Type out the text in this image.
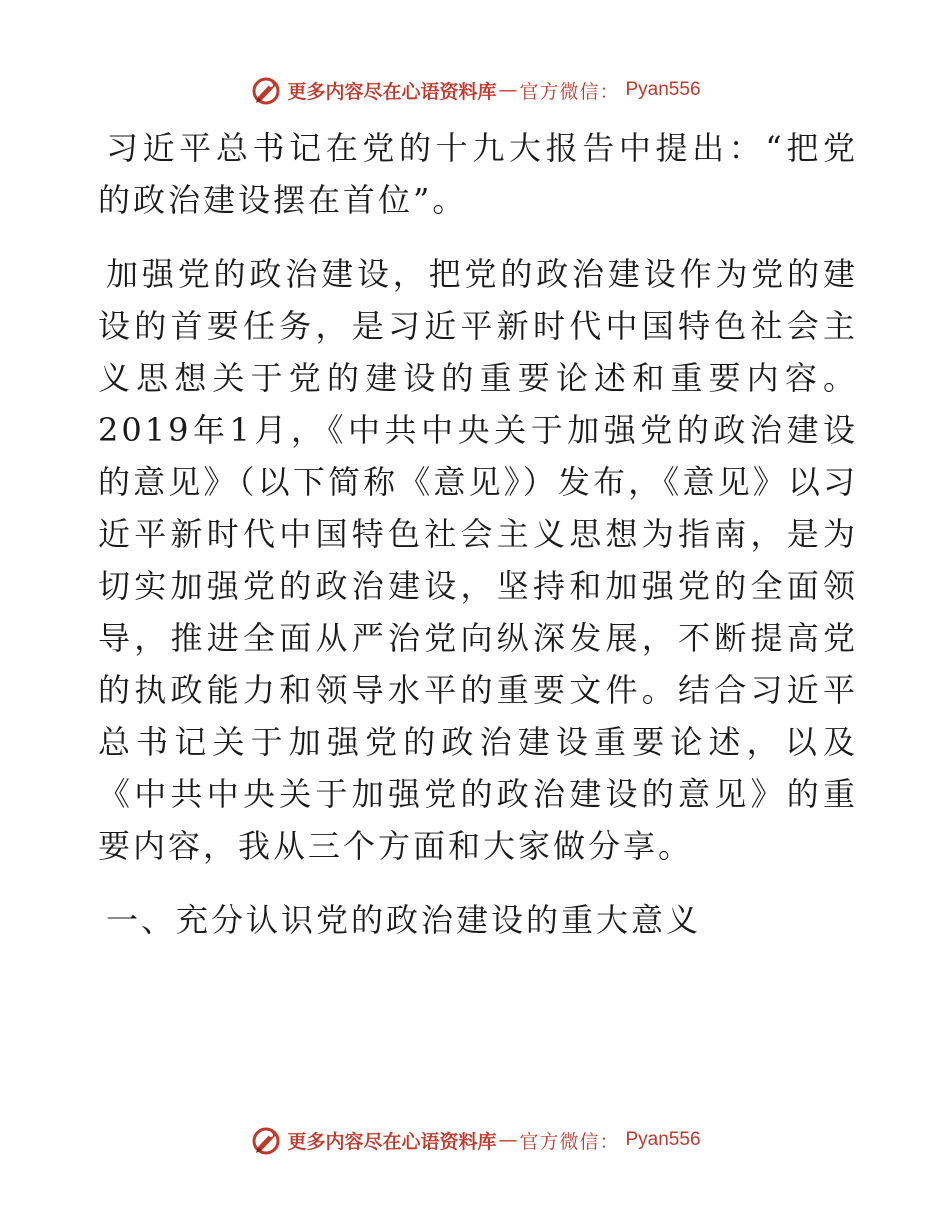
更多内容尽在心语资料库 — 官方微信： Pyan556

习近平总书记在党的十九大报告中提出：“把党的政治建设摆在首位”。

加强党的政治建设，把党的政治建设作为党的建设的首要任务，是习近平新时代中国特色社会主义思想关于党的建设的重要论述和重要内容。2019年1月，《中共中央关于加强党的政治建设的意见》（以下简称《意见》）发布，《意见》以习近平新时代中国特色社会主义思想为指南，是为切实加强党的政治建设，坚持和加强党的全面领导，推进全面从严治党向纵深发展，不断提高党的执政能力和领导水平的重要文件。结合习近平总书记关于加强党的政治建设重要论述，以及《中共中央关于加强党的政治建设的意见》的重要内容，我从三个方面和大家做分享。

一、充分认识党的政治建设的重大意义
更多内容尽在心语资料库 — 官方微信： Pyan556
